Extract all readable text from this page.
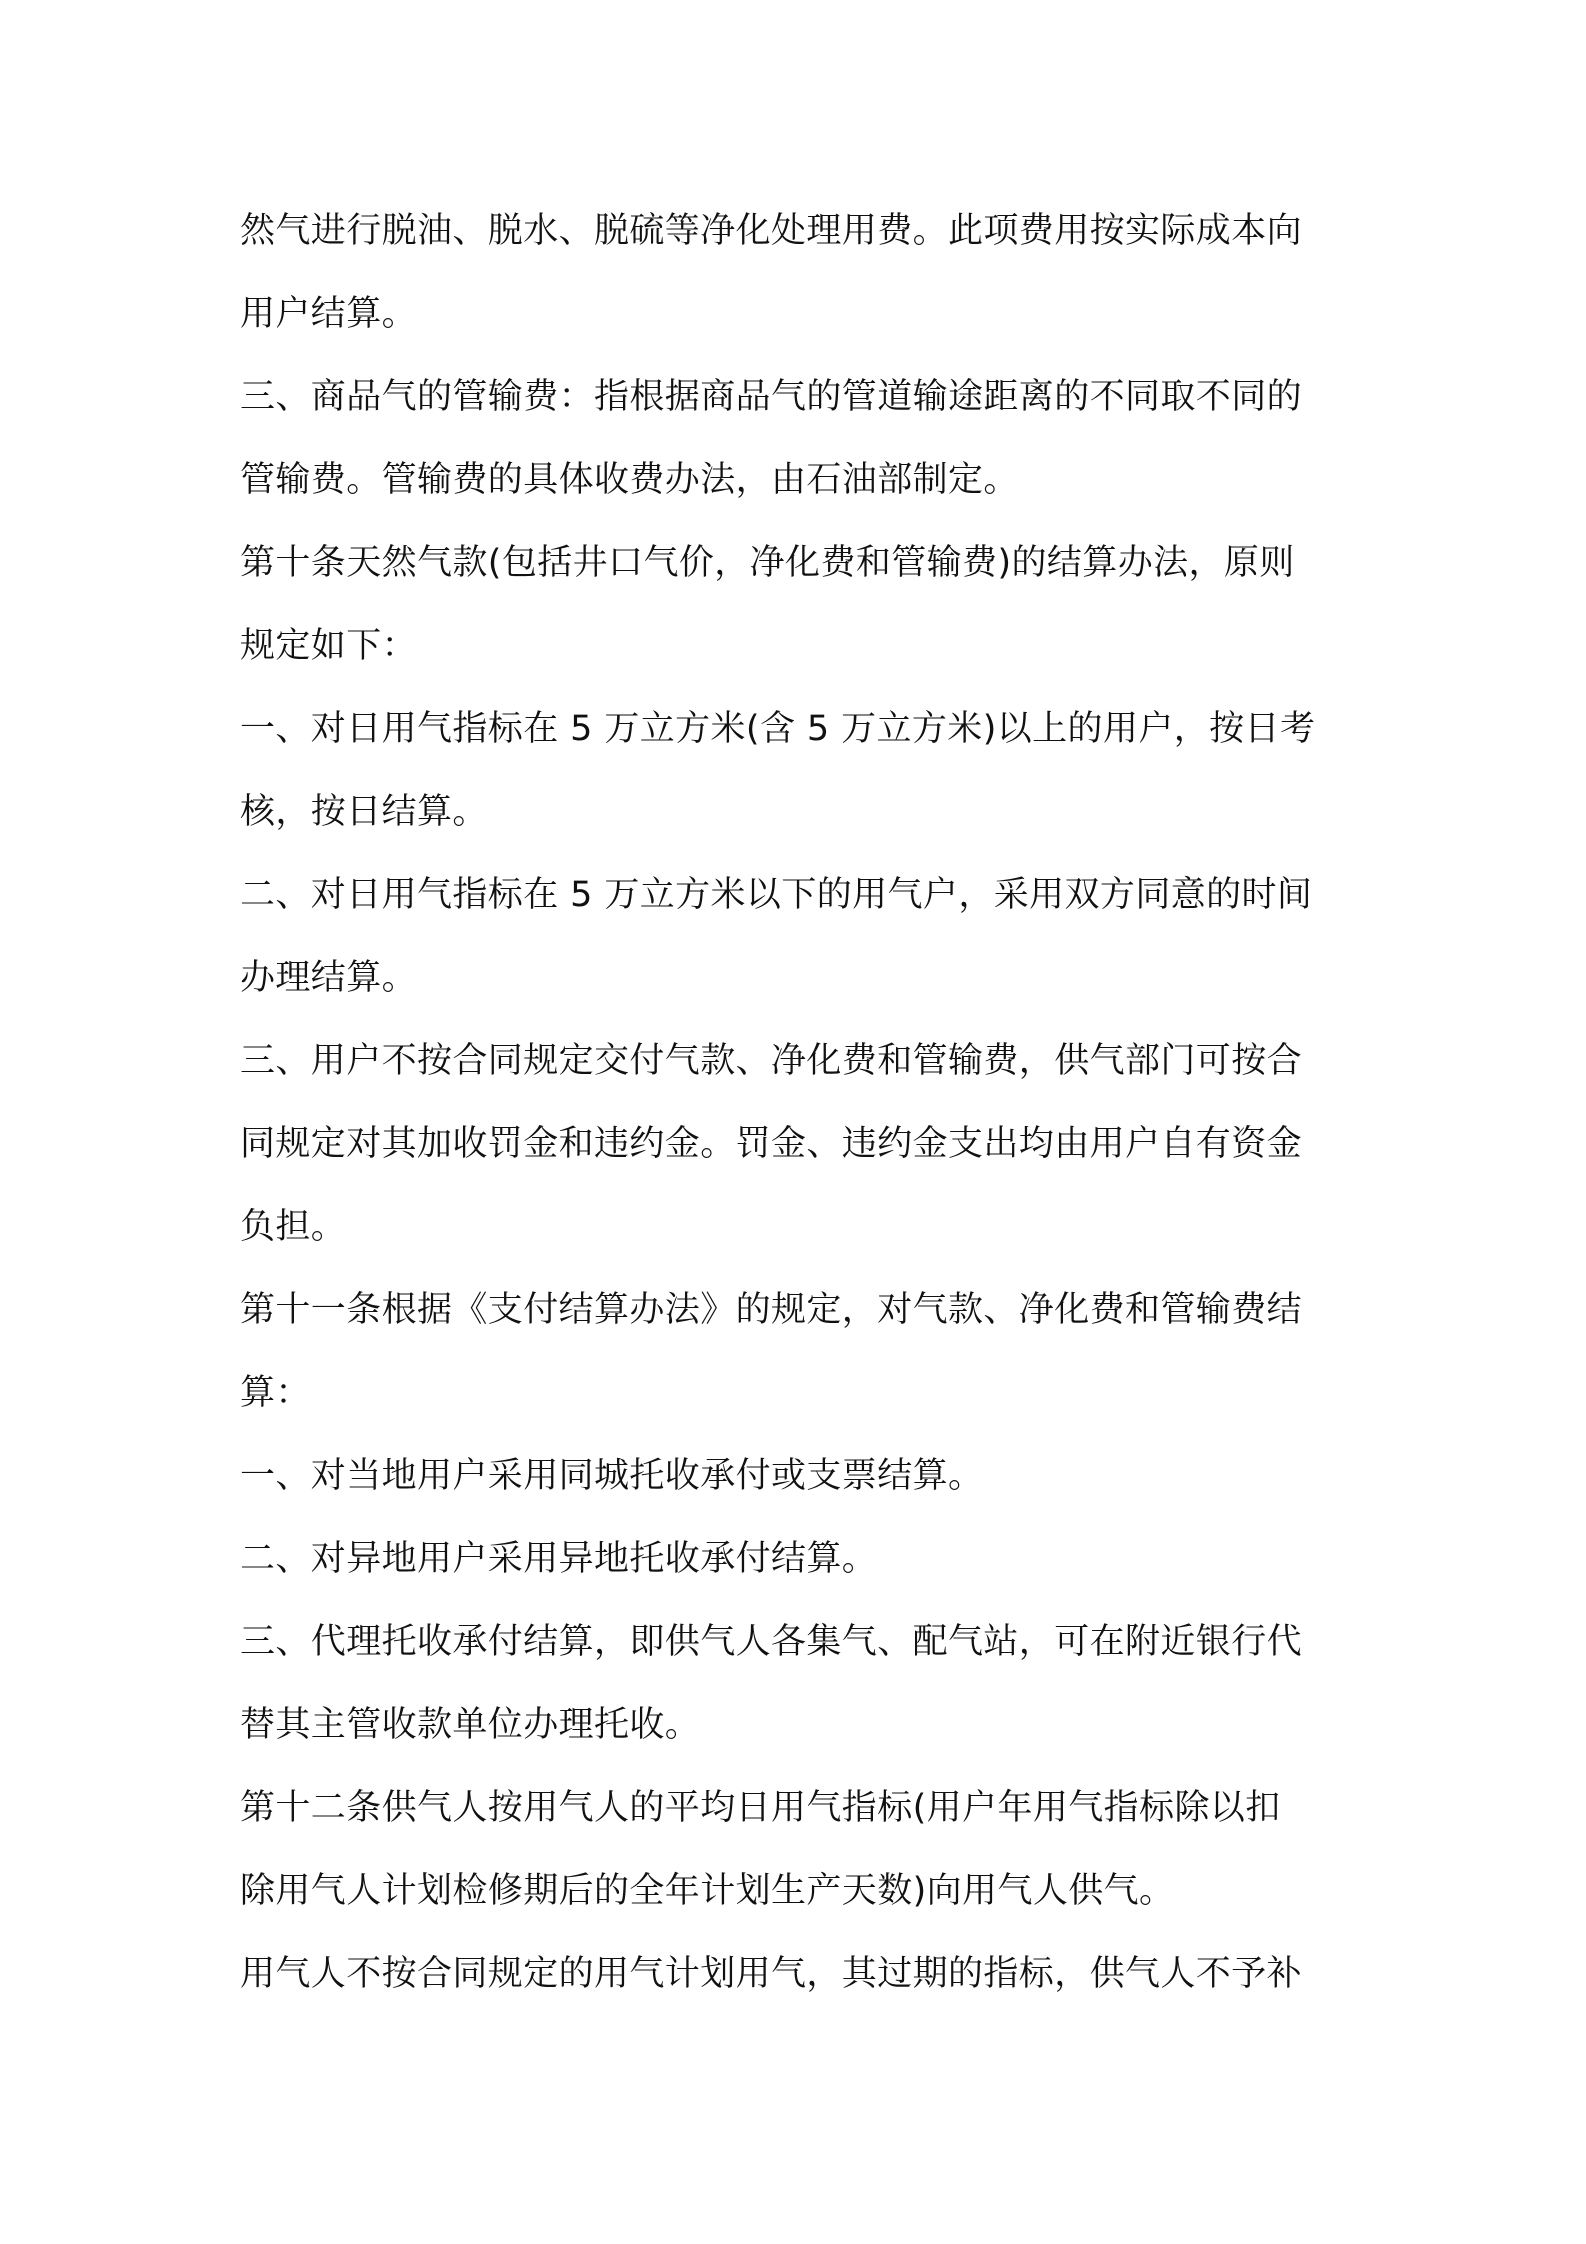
然气进行脱油、脱水、脱硫等净化处理用费。此项费用按实际成本向
用户结算。

三、商品气的管输费：指根据商品气的管道输途距离的不同取不同的
管输费。管输费的具体收费办法，由石油部制定。

第十条天然气款(包括井口气价，净化费和管输费)的结算办法，原则
规定如下：

一、对日用气指标在 5 万立方米(含 5 万立方米)以上的用户，按日考
核，按日结算。

二、对日用气指标在 5 万立方米以下的用气户，采用双方同意的时间
办理结算。

三、用户不按合同规定交付气款、净化费和管输费，供气部门可按合
同规定对其加收罚金和违约金。罚金、违约金支出均由用户自有资金
负担。

第十一条根据《支付结算办法》的规定，对气款、净化费和管输费结
算：

一、对当地用户采用同城托收承付或支票结算。

二、对异地用户采用异地托收承付结算。

三、代理托收承付结算，即供气人各集气、配气站，可在附近银行代
替其主管收款单位办理托收。

第十二条供气人按用气人的平均日用气指标(用户年用气指标除以扣
除用气人计划检修期后的全年计划生产天数)向用气人供气。

用气人不按合同规定的用气计划用气，其过期的指标，供气人不予补
